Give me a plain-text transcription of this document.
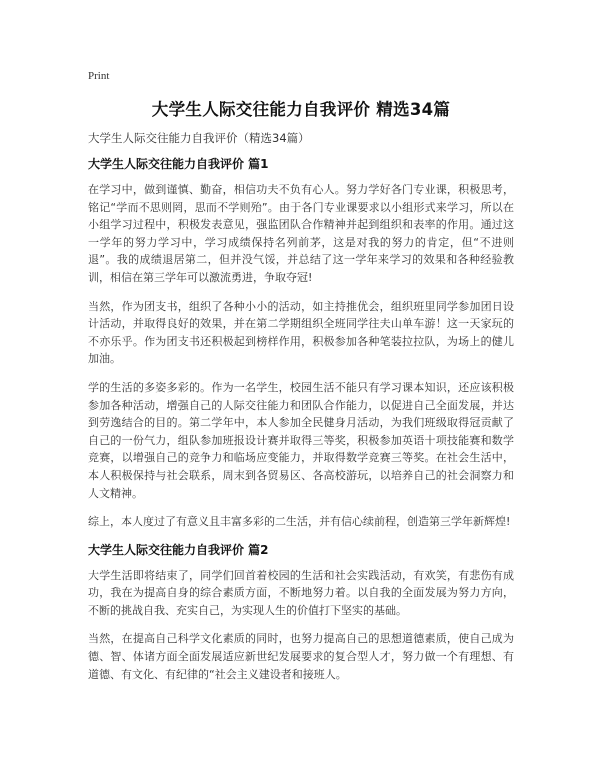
Print
大学生人际交往能力自我评价 精选34篇

大学生人际交往能力自我评价（精选34篇）

大学生人际交往能力自我评价 篇1

在学习中，做到谨慎、勤奋，相信功夫不负有心人。努力学好各门专业课，积极思考，铭记“学而不思则罔，思而不学则殆”。由于各门专业课要求以小组形式来学习，所以在小组学习过程中，积极发表意见，强监团队合作精神并起到组织和表率的作用。通过这一学年的努力学习中，学习成绩保持名列前茅，这是对我的努力的肯定，但“不进则退”。我的成绩退居第二，但并没气馁，并总结了这一学年来学习的效果和各种经验教训，相信在第三学年可以激流勇进，争取夺冠!

当然，作为团支书，组织了各种小小的活动，如主持推优会，组织班里同学参加团日设计活动，并取得良好的效果，并在第二学期组织全班同学往夫山单车游！这一天家玩的不亦乐乎。作为团支书还积极起到榜样作用，积极参加各种笔装拉拉队，为场上的健儿加油。

学的生活的多姿多彩的。作为一名学生，校园生活不能只有学习课本知识，还应该积极参加各种活动，增强自己的人际交往能力和团队合作能力，以促进自己全面发展，并达到劳逸结合的目的。第二学年中，本人参加全民健身月活动，为我们班级取得冠贡献了自己的一份气力，组队参加班报设计赛并取得三等奖，积极参加英语十项技能赛和数学竞赛，以增强自己的竞争力和临场应变能力，并取得数学竞赛三等奖。在社会生活中，本人积极保持与社会联系，周末到各贸易区、各高校游玩，以培养自己的社会洞察力和人文精神。

综上，本人度过了有意义且丰富多彩的二生活，并有信心续前程，创造第三学年新辉煌!

大学生人际交往能力自我评价 篇2

大学生活即将结束了，同学们回首着校园的生活和社会实践活动，有欢笑，有悲伤有成功，我在为提高自身的综合素质方面，不断地努力着。以自我的全面发展为努力方向，不断的挑战自我、充实自己，为实现人生的价值打下坚实的基础。

当然，在提高自己科学文化素质的同时，也努力提高自己的思想道德素质，使自己成为德、智、体诸方面全面发展适应新世纪发展要求的复合型人才，努力做一个有理想、有道德、有文化、有纪律的“社会主义建设者和接班人。
